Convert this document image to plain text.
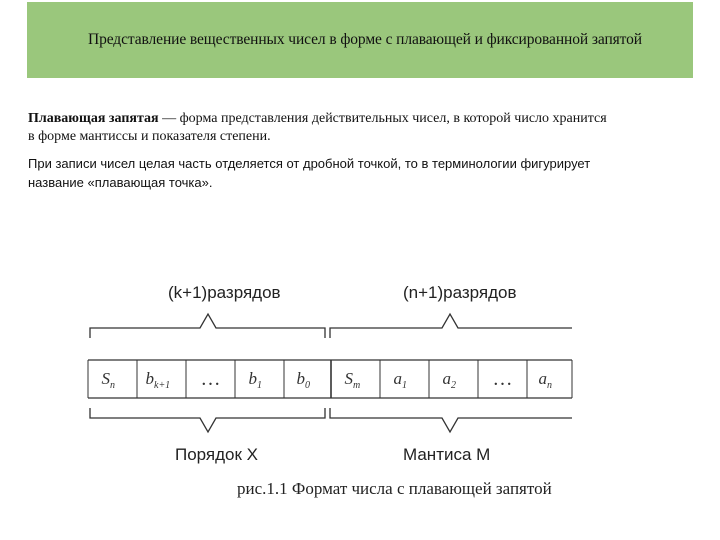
Представление вещественных чисел в форме с плавающей и фиксированной запятой
Плавающая запятая — форма представления действительных чисел, в которой число хранится
в форме мантиссы и показателя степени.

При записи чисел целая часть отделяется от дробной точкой, то в терминологии фигурирует

название «плавающая точка».

(k+1)разрядов	(n+1)разрядов
$S_n$ $b_{k+1}$ … $b_1$ $b_0$ $S_m$ $a_1$ $a_2$ … $a_n$
Порядок X	Мантиса M
рис.1.1 Формат числа с плавающей запятой
